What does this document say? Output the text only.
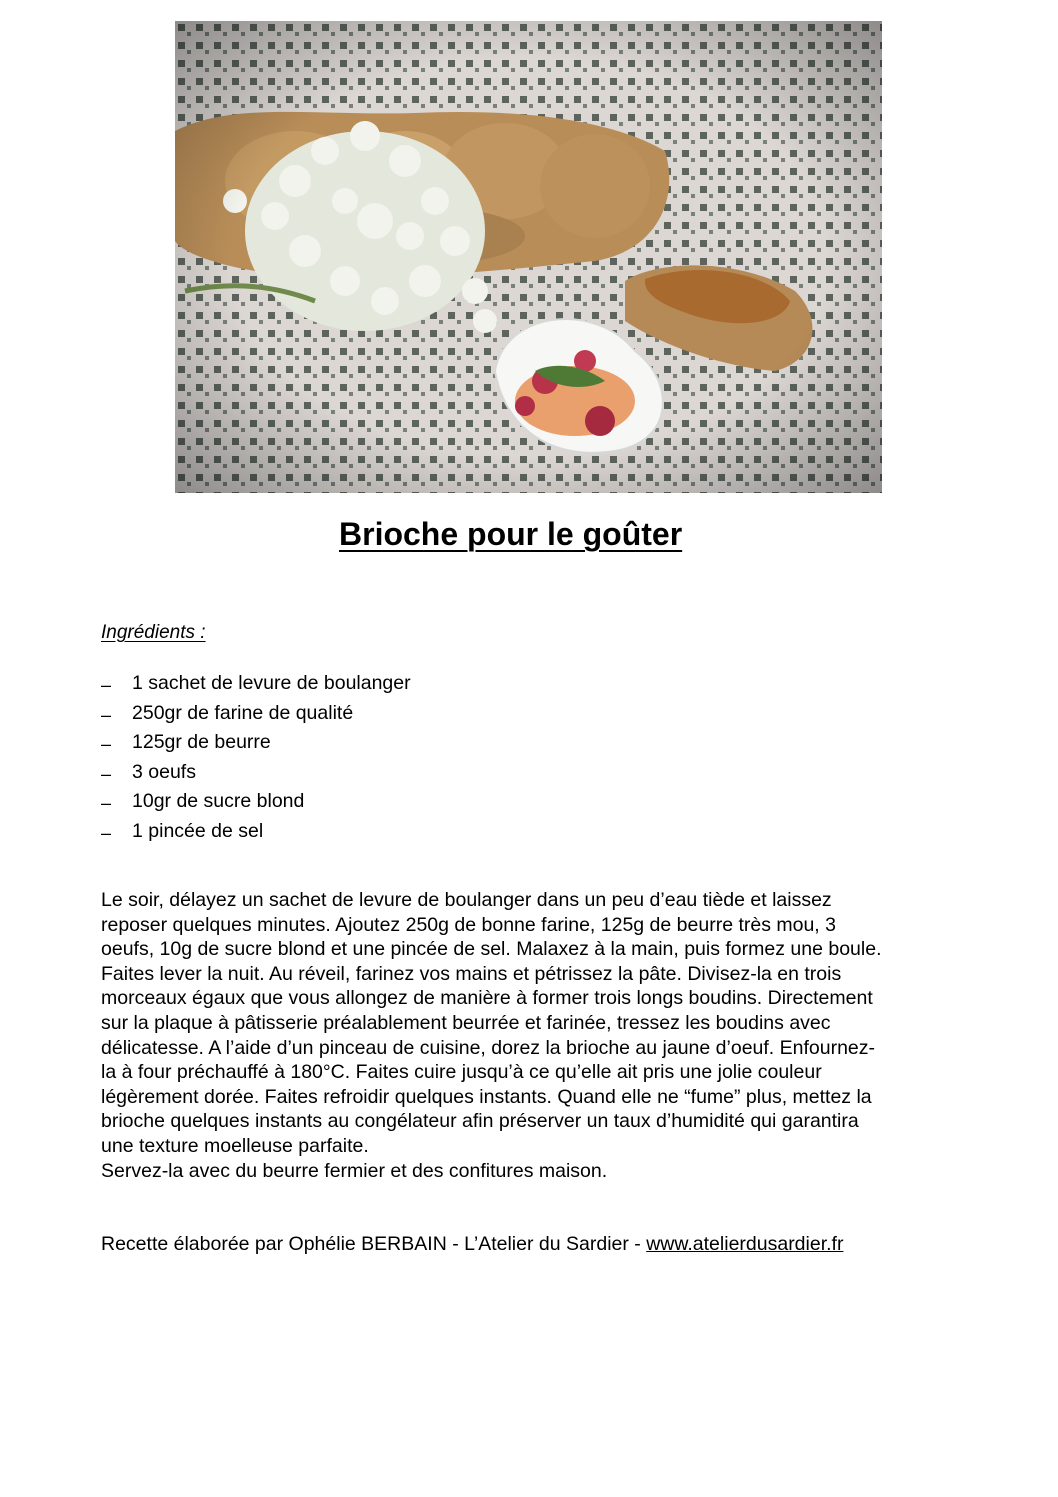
Brioche pour le goûter
Ingrédients :
– 1 sachet de levure de boulanger
– 250gr de farine de qualité
– 125gr de beurre
– 3 oeufs
– 10gr de sucre blond
– 1 pincée de sel

Le soir, délayez un sachet de levure de boulanger dans un peu d’eau tiède et laissez

reposer quelques minutes. Ajoutez 250g de bonne farine, 125g de beurre très mou, 3

oeufs, 10g de sucre blond et une pincée de sel. Malaxez à la main, puis formez une boule.

Faites lever la nuit. Au réveil, farinez vos mains et pétrissez la pâte. Divisez-la en trois

morceaux égaux que vous allongez de manière à former trois longs boudins. Directement

sur la plaque à pâtisserie préalablement beurrée et farinée, tressez les boudins avec

délicatesse. A l’aide d’un pinceau de cuisine, dorez la brioche au jaune d’oeuf. Enfournez-

la à four préchauffé à 180°C. Faites cuire jusqu’à ce qu’elle ait pris une jolie couleur

légèrement dorée. Faites refroidir quelques instants. Quand elle ne “fume” plus, mettez la

brioche quelques instants au congélateur afin préserver un taux d’humidité qui garantira

une texture moelleuse parfaite.

Servez-la avec du beurre fermier et des confitures maison.

Recette élaborée par Ophélie BERBAIN - L’Atelier du Sardier - www.atelierdusardier.fr
